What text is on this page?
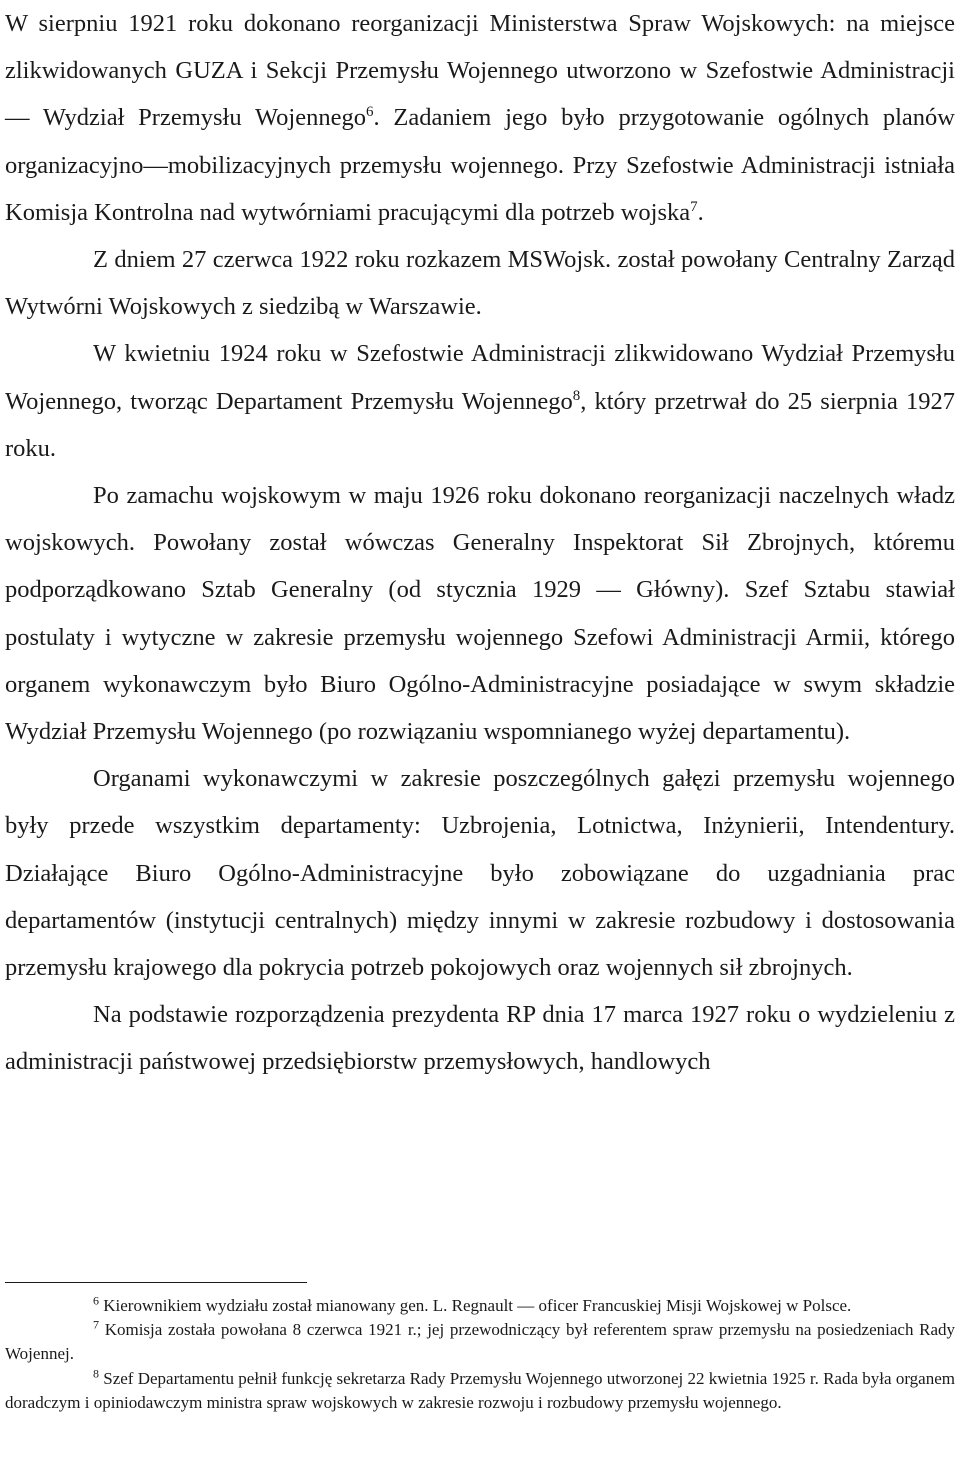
W sierpniu 1921 roku dokonano reorganizacji Ministerstwa Spraw Wojskowych: na miejsce zlikwidowanych GUZA i Sekcji Przemysłu Wojennego utworzono w Szefostwie Administracji — Wydział Przemysłu Wojennego$^6$. Zadaniem jego było przygotowanie ogólnych planów organizacyjno—mobilizacyjnych przemysłu wojennego. Przy Szefostwie Administracji istniała Komisja Kontrolna nad wytwórniami pracującymi dla potrzeb wojska$^7$.

Z dniem 27 czerwca 1922 roku rozkazem MSWojsk. został powołany Centralny Zarząd Wytwórni Wojskowych z siedzibą w Warszawie.

W kwietniu 1924 roku w Szefostwie Administracji zlikwidowano Wydział Przemysłu Wojennego, tworząc Departament Przemysłu Wojennego$^8$, który przetrwał do 25 sierpnia 1927 roku.

Po zamachu wojskowym w maju 1926 roku dokonano reorganizacji naczelnych władz wojskowych. Powołany został wówczas Generalny Inspektorat Sił Zbrojnych, któremu podporządkowano Sztab Generalny (od stycznia 1929 — Główny). Szef Sztabu stawiał postulaty i wytyczne w zakresie przemysłu wojennego Szefowi Administracji Armii, którego organem wykonawczym było Biuro Ogólno-Administracyjne posiadające w swym składzie Wydział Przemysłu Wojennego (po rozwiązaniu wspomnianego wyżej departamentu).

Organami wykonawczymi w zakresie poszczególnych gałęzi przemysłu wojennego były przede wszystkim departamenty: Uzbrojenia, Lotnictwa, Inżynierii, Intendentury. Działające Biuro Ogólno-Administracyjne było zobowiązane do uzgadniania prac departamentów (instytucji centralnych) między innymi w zakresie rozbudowy i dostosowania przemysłu krajowego dla pokrycia potrzeb pokojowych oraz wojennych sił zbrojnych.

Na podstawie rozporządzenia prezydenta RP dnia 17 marca 1927 roku o wydzieleniu z administracji państwowej przedsiębiorstw przemysłowych, handlowych

$^6$ Kierownikiem wydziału został mianowany gen. L. Regnault — oficer Francuskiej Misji Wojskowej w Polsce.

$^7$ Komisja została powołana 8 czerwca 1921 r.; jej przewodniczący był referentem spraw przemysłu na posiedzeniach Rady Wojennej.

$^8$ Szef Departamentu pełnił funkcję sekretarza Rady Przemysłu Wojennego utworzonej 22 kwietnia 1925 r. Rada była organem doradczym i opiniodawczym ministra spraw wojskowych w zakresie rozwoju i rozbudowy przemysłu wojennego.
